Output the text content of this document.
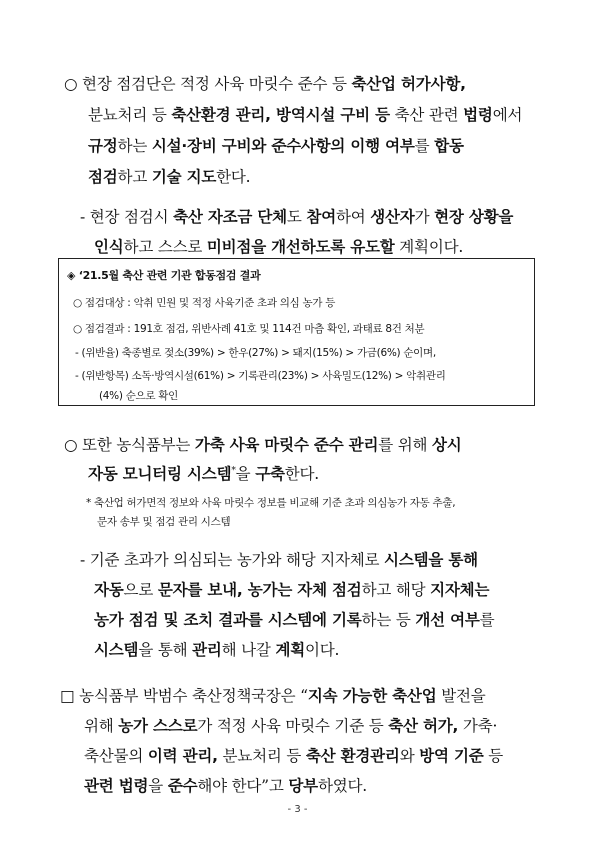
○ 현장 점검단은 적정 사육 마릿수 준수 등 축산업 허가사항,
분뇨처리 등 축산환경 관리, 방역시설 구비 등 축산 관련 법령에서
규정하는 시설·장비 구비와 준수사항의 이행 여부를 합동
점검하고 기술 지도한다.
- 현장 점검시 축산 자조금 단체도 참여하여 생산자가 현장 상황을
인식하고 스스로 미비점을 개선하도록 유도할 계획이다.
◈ ‘21.5월 축산 관련 기관 합동점검 결과
○ 점검대상 : 악취 민원 및 적정 사육기준 초과 의심 농가 등
○ 점검결과 : 191호 점검, 위반사례 41호 및 114건 마츰 확인, 과태료 8건 처분
- (위반율) 축종별로 젖소(39%) > 한우(27%) > 돼지(15%) > 가금(6%) 순이며,
- (위반항목) 소독·방역시설(61%) > 기록관리(23%) > 사육밀도(12%) > 악취관리
(4%) 순으로 확인
○ 또한 농식품부는 가축 사육 마릿수 준수 관리를 위해 상시
자동 모니터링 시스템*을 구축한다.
* 축산업 허가면적 정보와 사육 마릿수 정보를 비교해 기준 초과 의심농가 자동 추출,
문자 송부 및 점검 관리 시스템
- 기준 초과가 의심되는 농가와 해당 지자체로 시스템을 통해
자동으로 문자를 보내, 농가는 자체 점검하고 해당 지자체는
농가 점검 및 조치 결과를 시스템에 기록하는 등 개선 여부를
시스템을 통해 관리해 나갈 계획이다.
□ 농식품부 박범수 축산정책국장은 “지속 가능한 축산업 발전을
위해 농가 스스로가 적정 사육 마릿수 기준 등 축산 허가, 가축·
축산물의 이력 관리, 분뇨처리 등 축산 환경관리와 방역 기준 등
관련 법령을 준수해야 한다”고 당부하였다.
- 3 -
